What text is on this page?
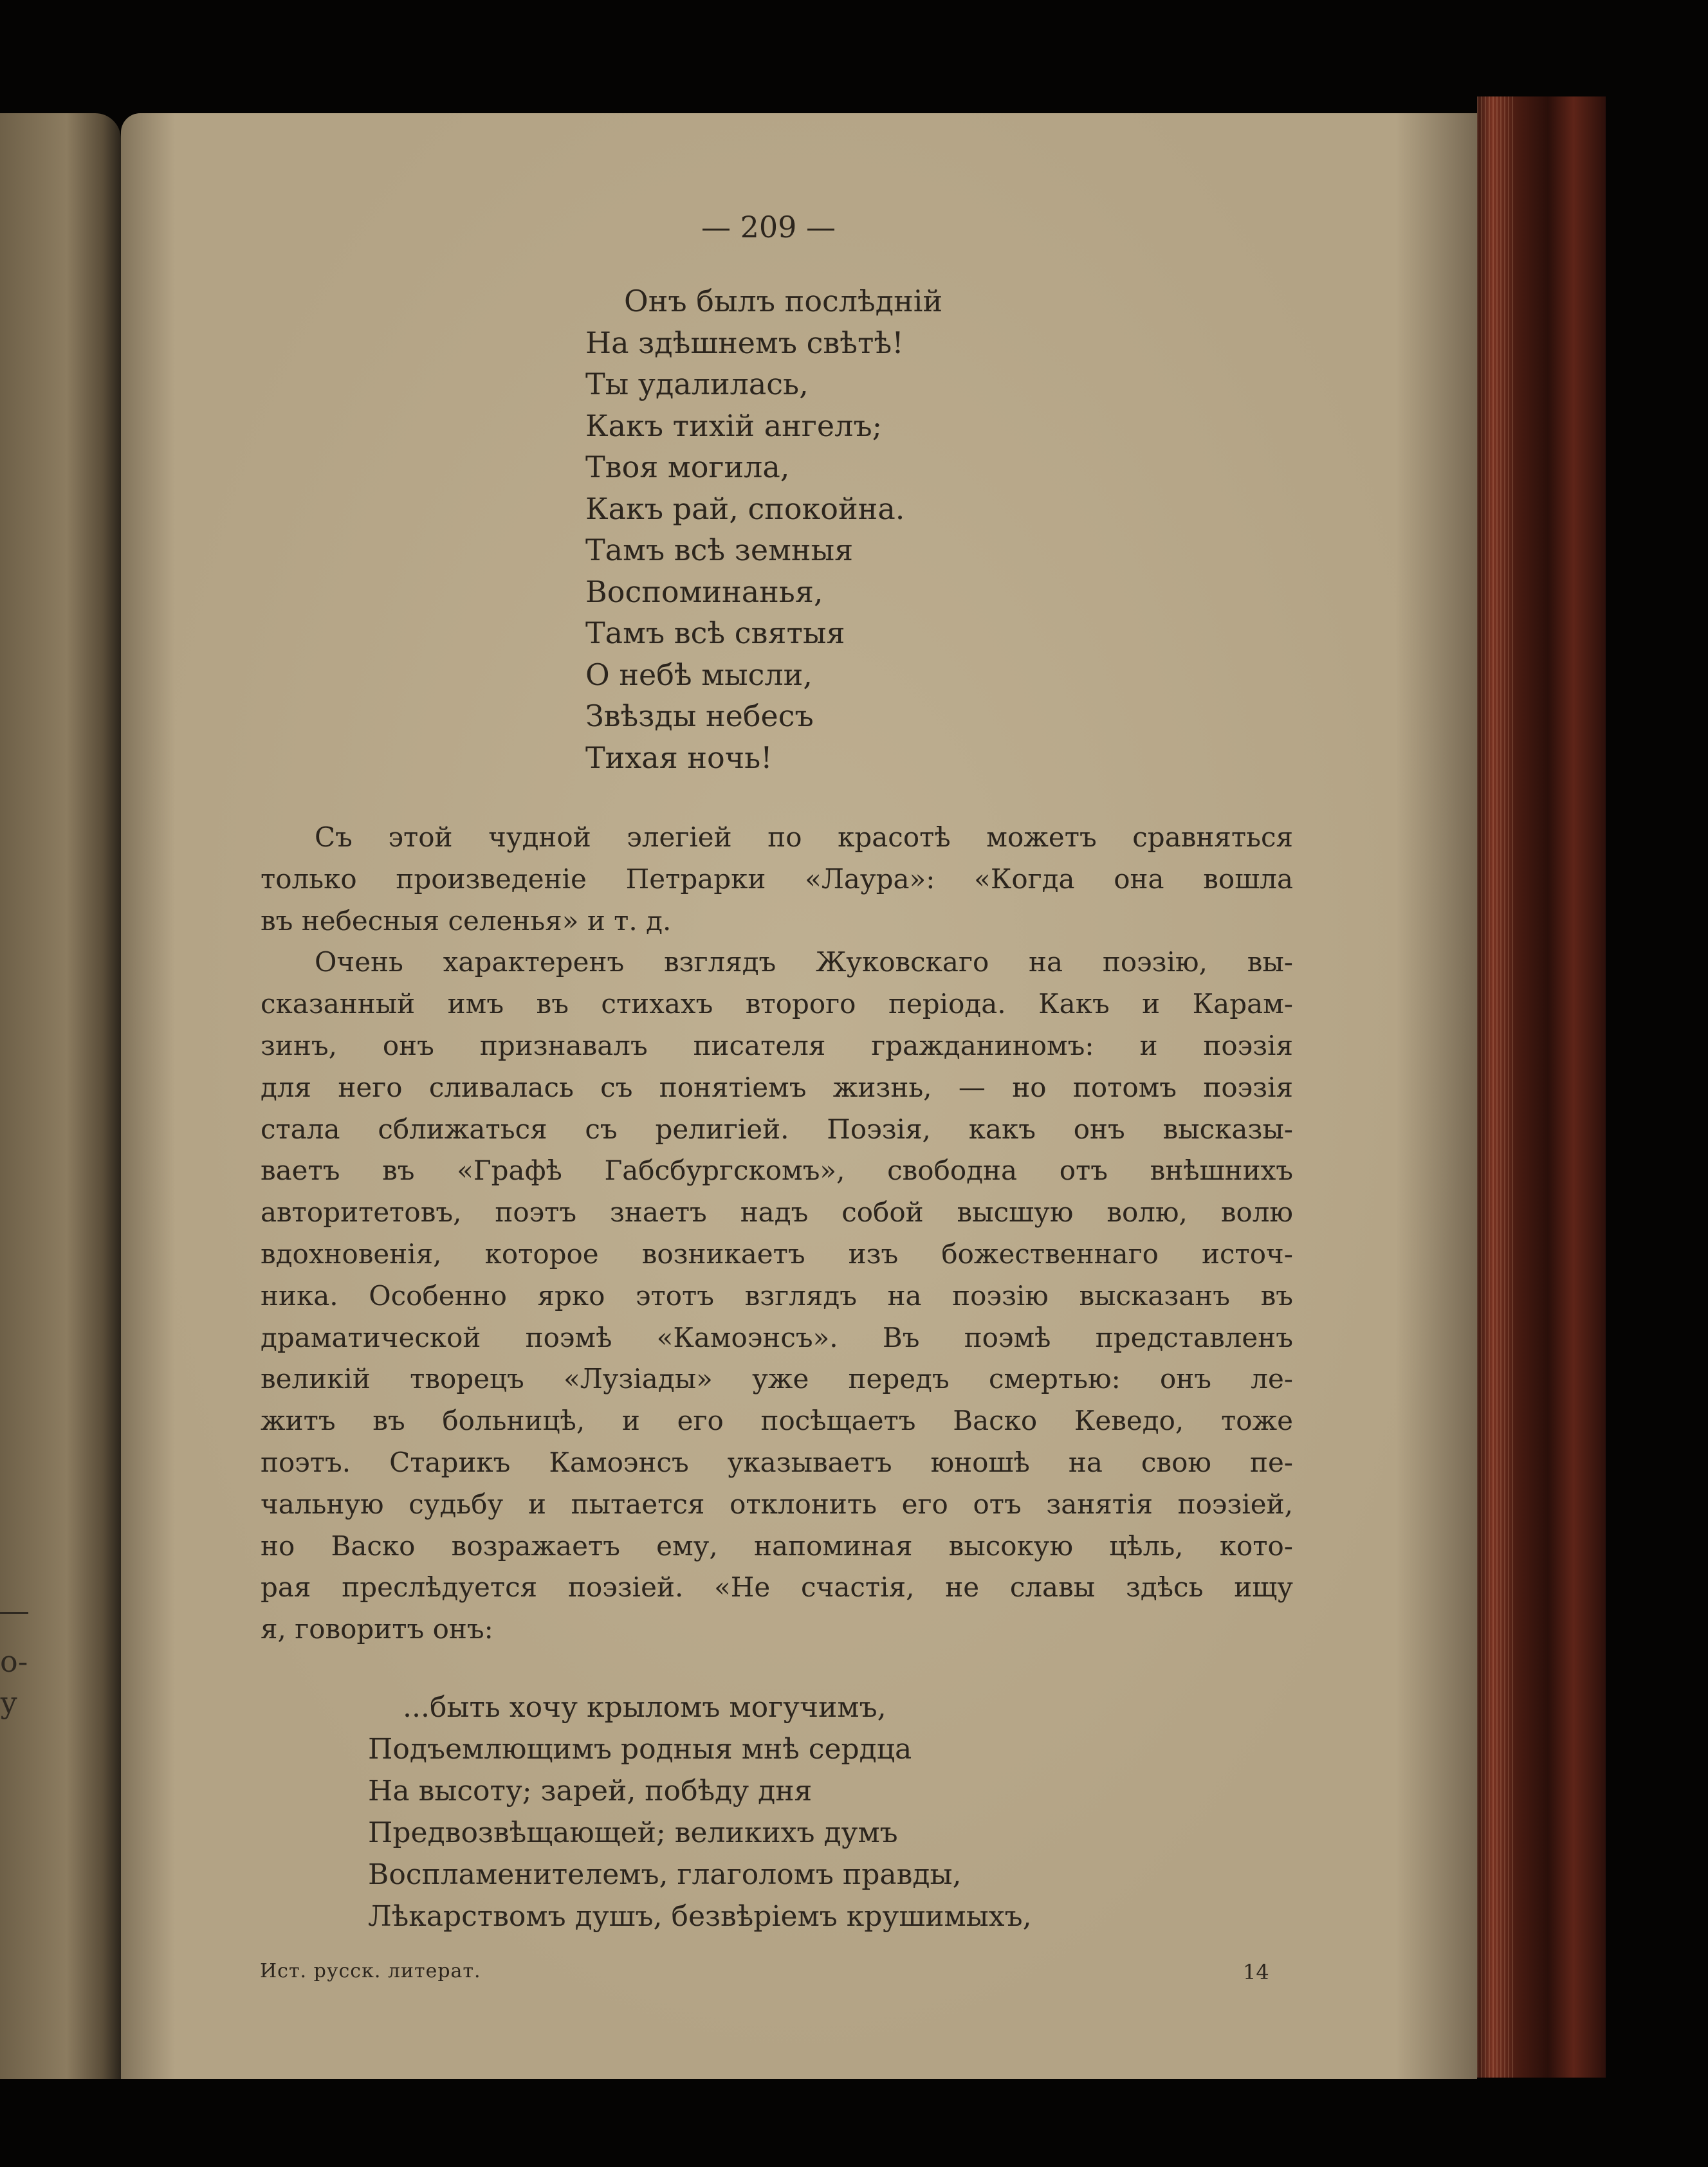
о-
у
— 209 —
Онъ былъ послѣдній
На здѣшнемъ свѣтѣ!
Ты удалилась,
Какъ тихій ангелъ;
Твоя могила,
Какъ рай, спокойна.
Тамъ всѣ земныя
Воспоминанья,
Тамъ всѣ святыя
О небѣ мысли,
Звѣзды небесъ
Тихая ночь!
Съ этой чудной элегіей по красотѣ можетъ сравняться
только произведеніе Петрарки «Лаура»: «Когда она вошла
въ небесныя селенья» и т. д.
Очень характеренъ взглядъ Жуковскаго на поэзію, вы-
сказанный имъ въ стихахъ второго періода. Какъ и Карам-
зинъ, онъ признавалъ писателя гражданиномъ: и поэзія
для него сливалась съ понятіемъ жизнь, — но потомъ поэзія
стала сближаться съ религіей. Поэзія, какъ онъ высказы-
ваетъ въ «Графѣ Габсбургскомъ», свободна отъ внѣшнихъ
авторитетовъ, поэтъ знаетъ надъ собой высшую волю, волю
вдохновенія, которое возникаетъ изъ божественнаго источ-
ника. Особенно ярко этотъ взглядъ на поэзію высказанъ въ
драматической поэмѣ «Камоэнсъ». Въ поэмѣ представленъ
великій творецъ «Лузіады» уже передъ смертью: онъ ле-
житъ въ больницѣ, и его посѣщаетъ Васко Кеведо, тоже
поэтъ. Старикъ Камоэнсъ указываетъ юношѣ на свою пе-
чальную судьбу и пытается отклонить его отъ занятія поэзіей,
но Васко возражаетъ ему, напоминая высокую цѣль, кото-
рая преслѣдуется поэзіей. «Не счастія, не славы здѣсь ищу
я, говоритъ онъ:
...быть хочу крыломъ могучимъ,
Подъемлющимъ родныя мнѣ сердца
На высоту; зарей, побѣду дня
Предвозвѣщающей; великихъ думъ
Воспламенителемъ, глаголомъ правды,
Лѣкарствомъ душъ, безвѣріемъ крушимыхъ,
Ист. русск. литерат.	14
